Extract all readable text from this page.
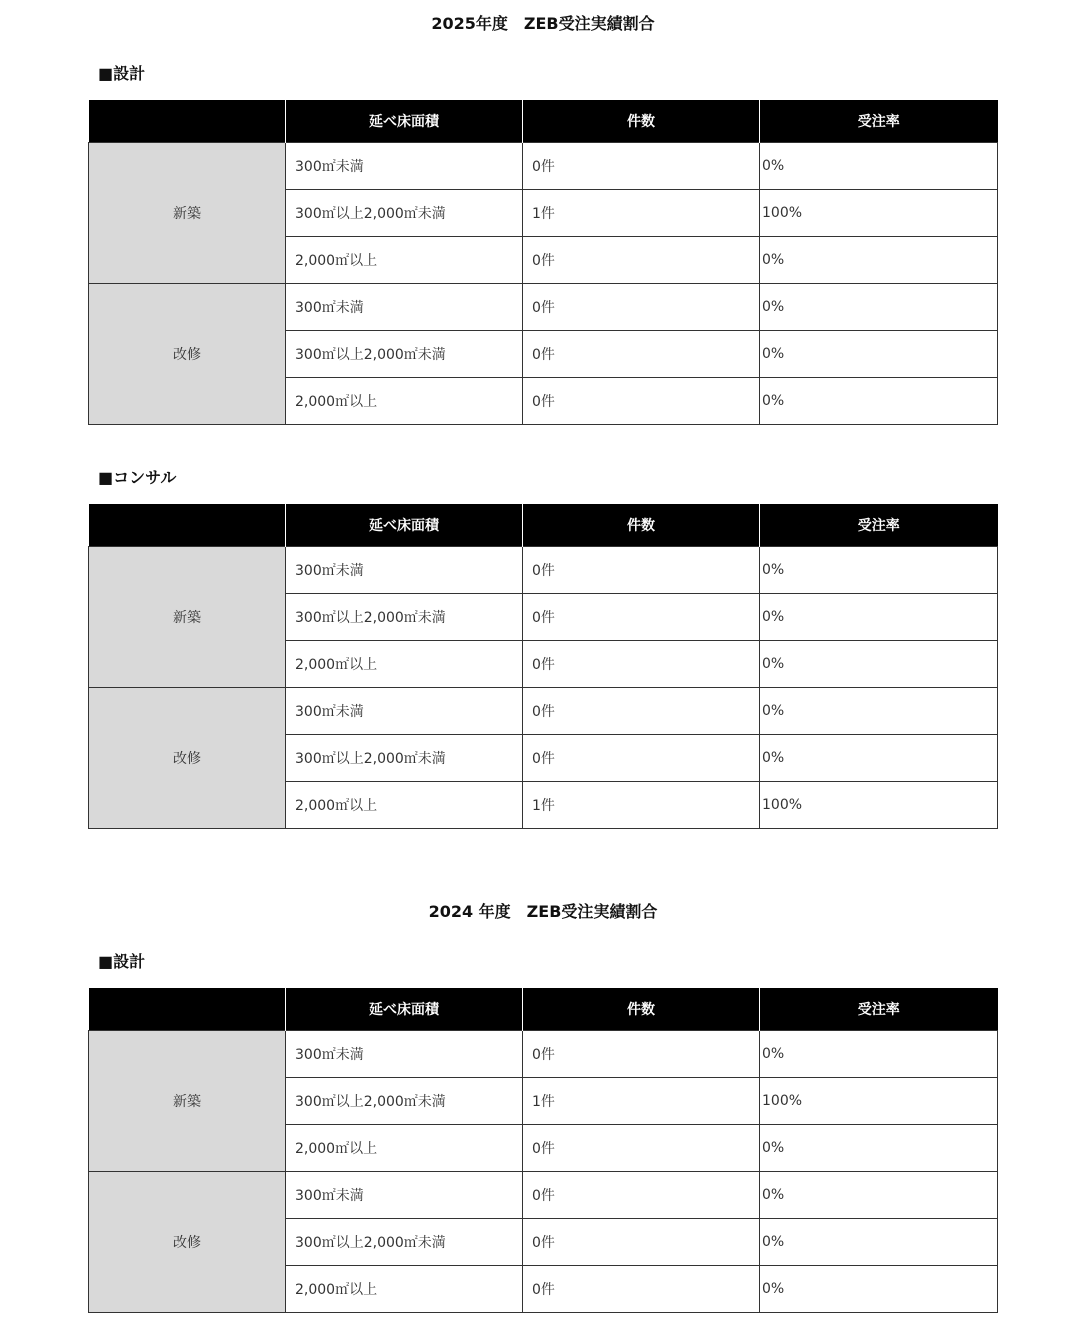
2025年度　ZEB受注実績割合
■設計
	延べ床面積	件数	受注率
新築	300㎡未満	0件	0%
	300㎡以上2,000㎡未満	1件	100%
	2,000㎡以上	0件	0%
改修	300㎡未満	0件	0%
	300㎡以上2,000㎡未満	0件	0%
	2,000㎡以上	0件	0%
■コンサル
	延べ床面積	件数	受注率
新築	300㎡未満	0件	0%
	300㎡以上2,000㎡未満	0件	0%
	2,000㎡以上	0件	0%
改修	300㎡未満	0件	0%
	300㎡以上2,000㎡未満	0件	0%
	2,000㎡以上	1件	100%
2024 年度　ZEB受注実績割合
■設計
	延べ床面積	件数	受注率
新築	300㎡未満	0件	0%
	300㎡以上2,000㎡未満	1件	100%
	2,000㎡以上	0件	0%
改修	300㎡未満	0件	0%
	300㎡以上2,000㎡未満	0件	0%
	2,000㎡以上	0件	0%
